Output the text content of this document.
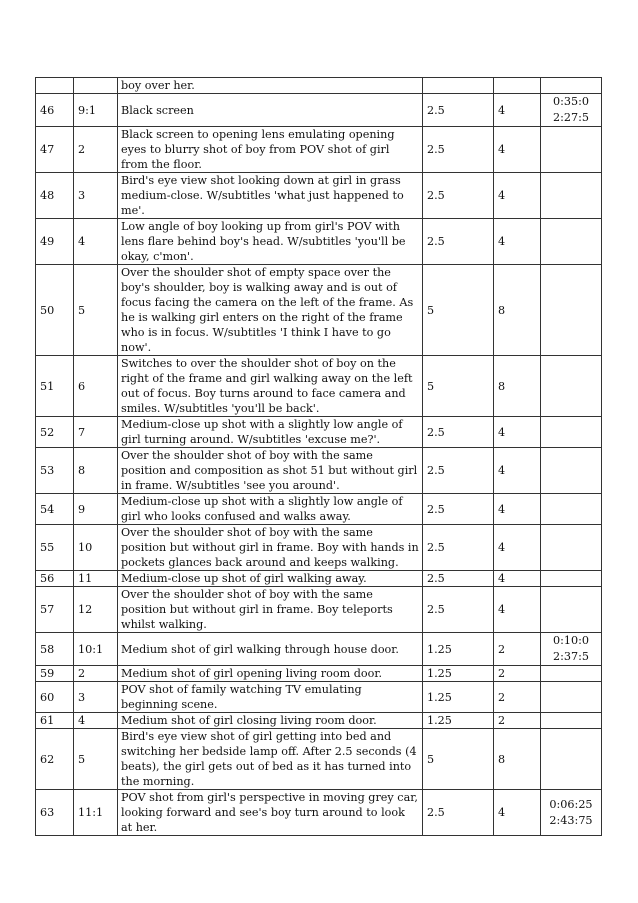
		boy over her.			
46	9:1	Black screen	2.5	4	0:35:0
2:27:5
47	2	Black screen to opening lens emulating opening eyes to blurry shot of boy from POV shot of girl from the floor.	2.5	4	
48	3	Bird's eye view shot looking down at girl in grass medium-close. W/subtitles 'what just happened to me'.	2.5	4	
49	4	Low angle of boy looking up from girl's POV with lens flare behind boy's head. W/subtitles 'you'll be okay, c'mon'.	2.5	4	
50	5	Over the shoulder shot of empty space over the boy's shoulder, boy is walking away and is out of focus facing the camera on the left of the frame. As he is walking girl enters on the right of the frame who is in focus. W/subtitles 'I think I have to go now'.	5	8	
51	6	Switches to over the shoulder shot of boy on the right of the frame and girl walking away on the left out of focus. Boy turns around to face camera and smiles. W/subtitles 'you'll be back'.	5	8	
52	7	Medium-close up shot with a slightly low angle of girl turning around. W/subtitles 'excuse me?'.	2.5	4	
53	8	Over the shoulder shot of boy with the same position and composition as shot 51 but without girl in frame. W/subtitles 'see you around'.	2.5	4	
54	9	Medium-close up shot with a slightly low angle of girl who looks confused and walks away.	2.5	4	
55	10	Over the shoulder shot of boy with the same position but without girl in frame. Boy with hands in pockets glances back around and keeps walking.	2.5	4	
56	11	Medium-close up shot of girl walking away.	2.5	4	
57	12	Over the shoulder shot of boy with the same position but without girl in frame. Boy teleports whilst walking.	2.5	4	
58	10:1	Medium shot of girl walking through house door.	1.25	2	0:10:0
2:37:5
59	2	Medium shot of girl opening living room door.	1.25	2	
60	3	POV shot of family watching TV emulating beginning scene.	1.25	2	
61	4	Medium shot of girl closing living room door.	1.25	2	
62	5	Bird's eye view shot of girl getting into bed and switching her bedside lamp off. After 2.5 seconds (4 beats), the girl gets out of bed as it has turned into the morning.	5	8	
63	11:1	POV shot from girl's perspective in moving grey car, looking forward and see's boy turn around to look at her.	2.5	4	0:06:25
2:43:75
